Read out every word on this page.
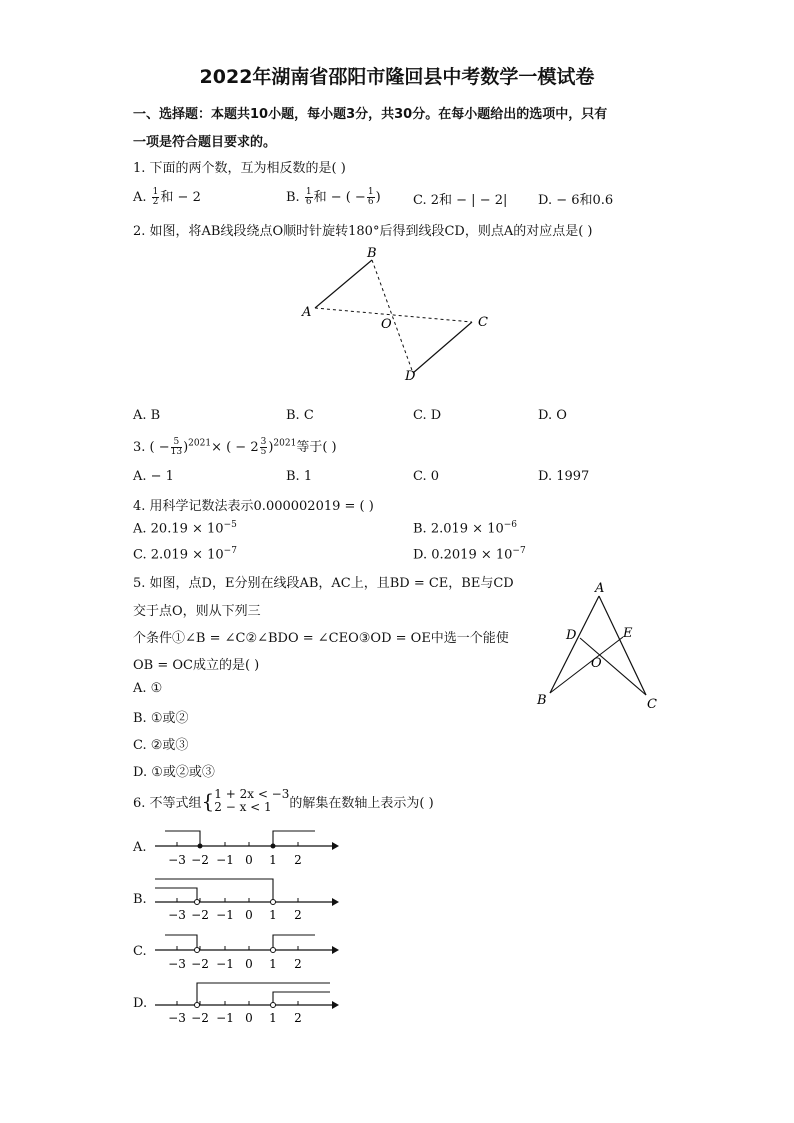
2022年湖南省邵阳市隆回县中考数学一模试卷
一、选择题：本题共10小题，每小题3分，共30分。在每小题给出的选项中，只有
一项是符合题目要求的。
1. 下面的两个数，互为相反数的是( )
A. $\frac{1}{2}$ 和 − 2	B. $\frac{1}{6}$ 和 − ( − $\frac{1}{6}$ ) C. 2和 − | − 2| D. − 6和0.6
2. 如图，将AB线段绕点O顺时针旋转180°后得到线段CD，则点A的对应点是( )
A
B
C
D
O
A. B	B. C	C. D	D. O
3. ( − $\frac{5}{13} )^{2021}\times$ ( − $2 \frac{3}{5} )^{2021}$等于( )
A. − 1	B. 1	C. 0	D. 1997
4. 用科学记数法表示0.000002019 = ( )
A. $20.19 \times 10^{-5}$	B. $2.019 \times 10^{-6}$
C. $2.019 \times 10^{-7}$	D. $0.2019 \times 10^{-7}$
5. 如图，点D，E分别在线段AB，AC上，且BD = CE，BE与CD
交于点O，则从下列三
个条件①∠B = ∠C②∠BDO = ∠CEO③OD = OE中选一个能使
OB = OC成立的是( )
A
D	E
O
B	C
A. ①
B. ①或②
C. ②或③
D. ①或②或③
6. 不等式组{ 1 + 2x < −3
2 − x < 1	的解集在数轴上表示为( )
A.
−3 −2 −1 0 1 2
B.
−3 −2 −1 0 1 2
C.
−3 −2 −1 0 1 2
D.
−3 −2 −1 0 1 2
